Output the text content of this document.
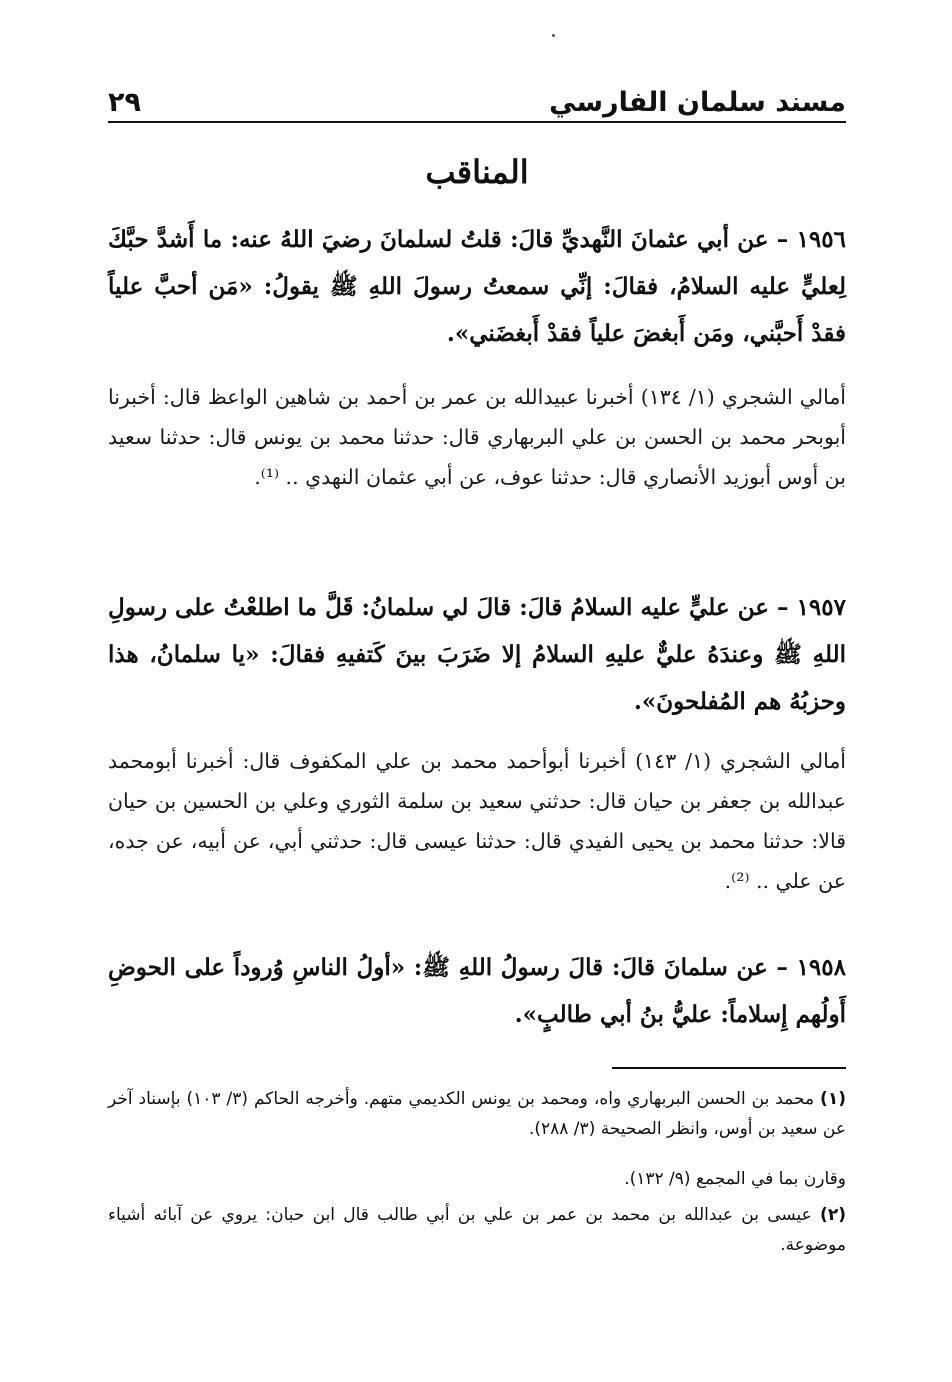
مسند سلمان الفارسي
٢٩
المناقب
١٩٥٦ – عن أبي عثمانَ النَّهديِّ قالَ: قلتُ لسلمانَ رضيَ اللهُ عنه: ما أَشدَّ حبَّكَ لِعليٍّ عليه السلامُ، فقالَ: إنِّي سمعتُ رسولَ اللهِ ﷺ يقولُ: «مَن أحبَّ علياً فقدْ أَحبَّني، ومَن أَبغضَ علياً فقدْ أَبغضَني».
أمالي الشجري (١/ ١٣٤) أخبرنا عبيدالله بن عمر بن أحمد بن شاهين الواعظ قال: أخبرنا أبوبحر محمد بن الحسن بن علي البربهاري قال: حدثنا محمد بن يونس قال: حدثنا سعيد بن أوس أبوزيد الأنصاري قال: حدثنا عوف، عن أبي عثمان النهدي .. ⁽¹⁾.
١٩٥٧ – عن عليٍّ عليه السلامُ قالَ: قالَ لي سلمانُ: قَلَّ ما اطلعْتُ على رسولِ اللهِ ﷺ وعندَهُ عليٌّ عليهِ السلامُ إلا ضَرَبَ بينَ كَتفيهِ فقالَ: «يا سلمانُ، هذا وحزبُهُ هم المُفلحونَ».
أمالي الشجري (١/ ١٤٣) أخبرنا أبوأحمد محمد بن علي المكفوف قال: أخبرنا أبومحمد عبدالله بن جعفر بن حيان قال: حدثني سعيد بن سلمة الثوري وعلي بن الحسين بن حيان قالا: حدثنا محمد بن يحيى الفيدي قال: حدثنا عيسى قال: حدثني أبي، عن أبيه، عن جده، عن علي .. ⁽²⁾.
١٩٥٨ – عن سلمانَ قالَ: قالَ رسولُ اللهِ ﷺ: «أولُ الناسِ وُروداً على الحوضِ أَولُهم إِسلاماً: عليُّ بنُ أبي طالبٍ».
(١) محمد بن الحسن البربهاري واه، ومحمد بن يونس الكديمي متهم. وأخرجه الحاكم (٣/ ١٠٣) بإسناد آخر عن سعيد بن أوس، وانظر الصحيحة (٣/ ٢٨٨).
وقارن بما في المجمع (٩/ ١٣٢).
(٢) عيسى بن عبدالله بن محمد بن عمر بن علي بن أبي طالب قال ابن حبان: يروي عن آبائه أشياء موضوعة.
